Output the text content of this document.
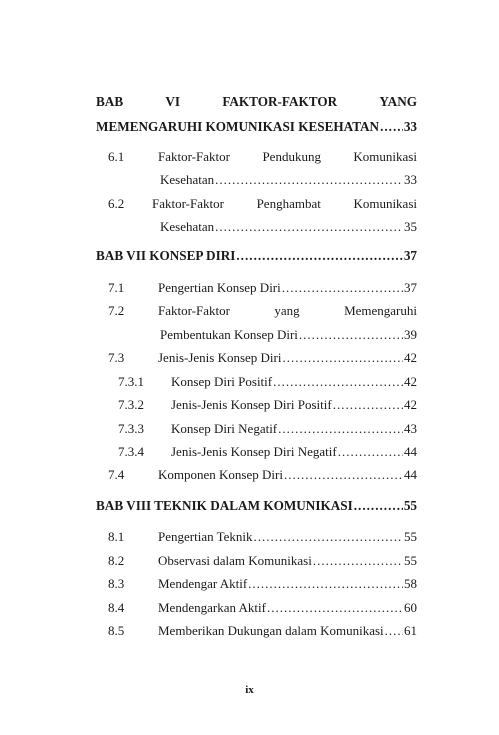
BAB	VI	FAKTOR-FAKTOR	YANG
MEMENGARUHI KOMUNIKASI KESEHATAN ..... 33
6.1	Faktor-Faktor Pendukung Komunikasi
Kesehatan .....	33
6.2 Faktor-Faktor	Penghambat	Komunikasi
Kesehatan .....	35
BAB VII KONSEP DIRI .....	37
7.1	Pengertian Konsep Diri .....	37
7.2	Faktor-Faktor	yang	Memengaruhi
Pembentukan Konsep Diri .....	39
7.3	Jenis-Jenis Konsep Diri .....	42
7.3.1 Konsep Diri Positif .....	42
7.3.2 Jenis-Jenis Konsep Diri Positif .....	42
7.3.3 Konsep Diri Negatif .....	43
7.3.4 Jenis-Jenis Konsep Diri Negatif .....	44
7.4	Komponen Konsep Diri .....	44
BAB VIII TEKNIK DALAM KOMUNIKASI .....	55
8.1	Pengertian Teknik .....	55
8.2	Observasi dalam Komunikasi .....	55
8.3	Mendengar Aktif .....	58
8.4	Mendengarkan Aktif .....	60
8.5	Memberikan Dukungan dalam Komunikasi ..... 61
ix
